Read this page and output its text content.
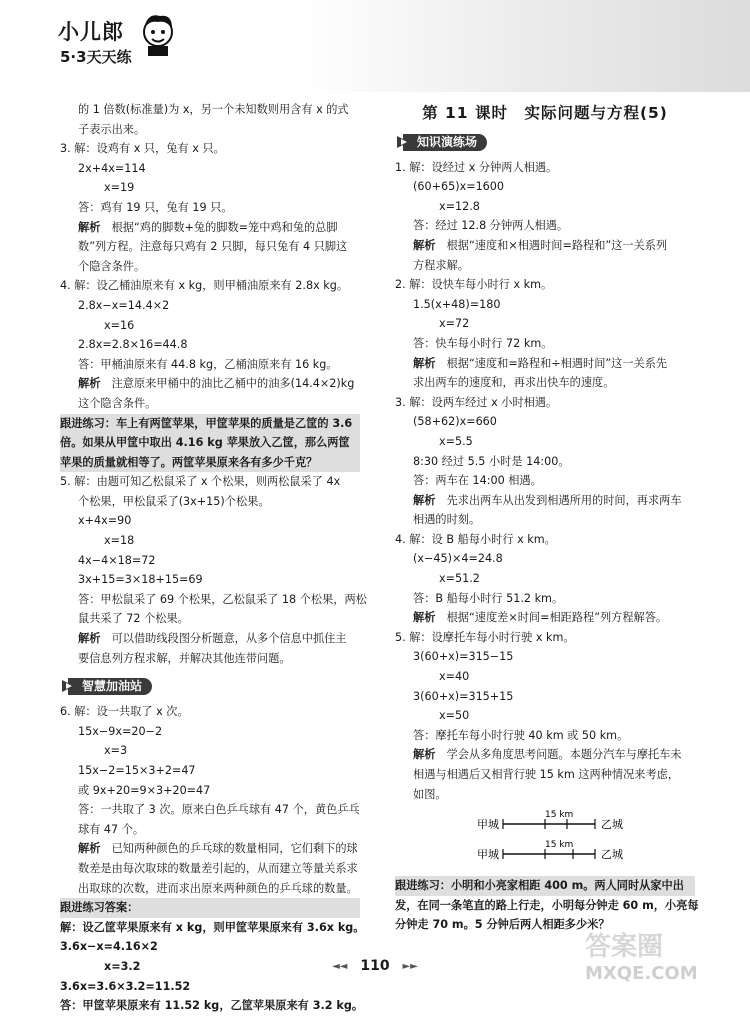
小儿郎
5·3天天练
的 1 倍数(标准量)为 x，另一个未知数则用含有 x 的式
子表示出来。
3. 解：设鸡有 x 只，兔有 x 只。
2x+4x=114
x=19
答：鸡有 19 只，兔有 19 只。
解析　 根据“鸡的脚数+兔的脚数=笼中鸡和兔的总脚
数”列方程。注意每只鸡有 2 只脚，每只兔有 4 只脚这
个隐含条件。
4. 解：设乙桶油原来有 x kg，则甲桶油原来有 2.8x kg。
2.8x−x=14.4×2
x=16
2.8x=2.8×16=44.8
答：甲桶油原来有 44.8 kg，乙桶油原来有 16 kg。
解析　 注意原来甲桶中的油比乙桶中的油多(14.4×2)kg
这个隐含条件。
跟进练习：车上有两筐苹果，甲筐苹果的质量是乙筐的 3.6
倍。如果从甲筐中取出 4.16 kg 苹果放入乙筐，那么两筐
苹果的质量就相等了。两筐苹果原来各有多少千克？
5. 解：由题可知乙松鼠采了 x 个松果，则两松鼠采了 4x
个松果，甲松鼠采了(3x+15)个松果。
x+4x=90
x=18
4x−4×18=72
3x+15=3×18+15=69
答：甲松鼠采了 69 个松果，乙松鼠采了 18 个松果，两松
鼠共采了 72 个松果。
解析　 可以借助线段图分析题意，从多个信息中抓住主
要信息列方程求解，并解决其他连带问题。
智慧加油站
6. 解：设一共取了 x 次。
15x−9x=20−2
x=3
15x−2=15×3+2=47
或 9x+20=9×3+20=47
答：一共取了 3 次。原来白色乒乓球有 47 个，黄色乒乓
球有 47 个。
解析　 已知两种颜色的乒乓球的数量相同，它们剩下的球
数差是由每次取球的数量差引起的，从而建立等量关系求
出取球的次数，进而求出原来两种颜色的乒乓球的数量。
跟进练习答案：
解：设乙筐苹果原来有 x kg，则甲筐苹果原来有 3.6x kg。
3.6x−x=4.16×2
x=3.2
3.6x=3.6×3.2=11.52
答：甲筐苹果原来有 11.52 kg，乙筐苹果原来有 3.2 kg。
第 11 课时　实际问题与方程(5)
知识演练场
1. 解：设经过 x 分钟两人相遇。
(60+65)x=1600
x=12.8
答：经过 12.8 分钟两人相遇。
解析　 根据“速度和×相遇时间=路程和”这一关系列
方程求解。
2. 解：设快车每小时行 x km。
1.5(x+48)=180
x=72
答：快车每小时行 72 km。
解析　 根据“速度和=路程和÷相遇时间”这一关系先
求出两车的速度和，再求出快车的速度。
3. 解：设两车经过 x 小时相遇。
(58+62)x=660
x=5.5
8:30 经过 5.5 小时是 14:00。
答：两车在 14:00 相遇。
解析　 先求出两车从出发到相遇所用的时间，再求两车
相遇的时刻。
4. 解：设 B 船每小时行 x km。
(x−45)×4=24.8
x=51.2
答：B 船每小时行 51.2 km。
解析　 根据“速度差×时间=相距路程”列方程解答。
5. 解：设摩托车每小时行驶 x km。
3(60+x)=315−15
x=40
3(60+x)=315+15
x=50
答：摩托车每小时行驶 40 km 或 50 km。
解析　 学会从多角度思考问题。本题分汽车与摩托车未
相遇与相遇后又相背行驶 15 km 这两种情况来考虑，
如图。
甲城
15 km
乙城
甲城
15 km
乙城
跟进练习：小明和小亮家相距 400 m。两人同时从家中出
发，在同一条笔直的路上行走，小明每分钟走 60 m，小亮每
分钟走 70 m。5 分钟后两人相距多少米？
◄◄ 110 ►►
答案圈
MXQE.COM
